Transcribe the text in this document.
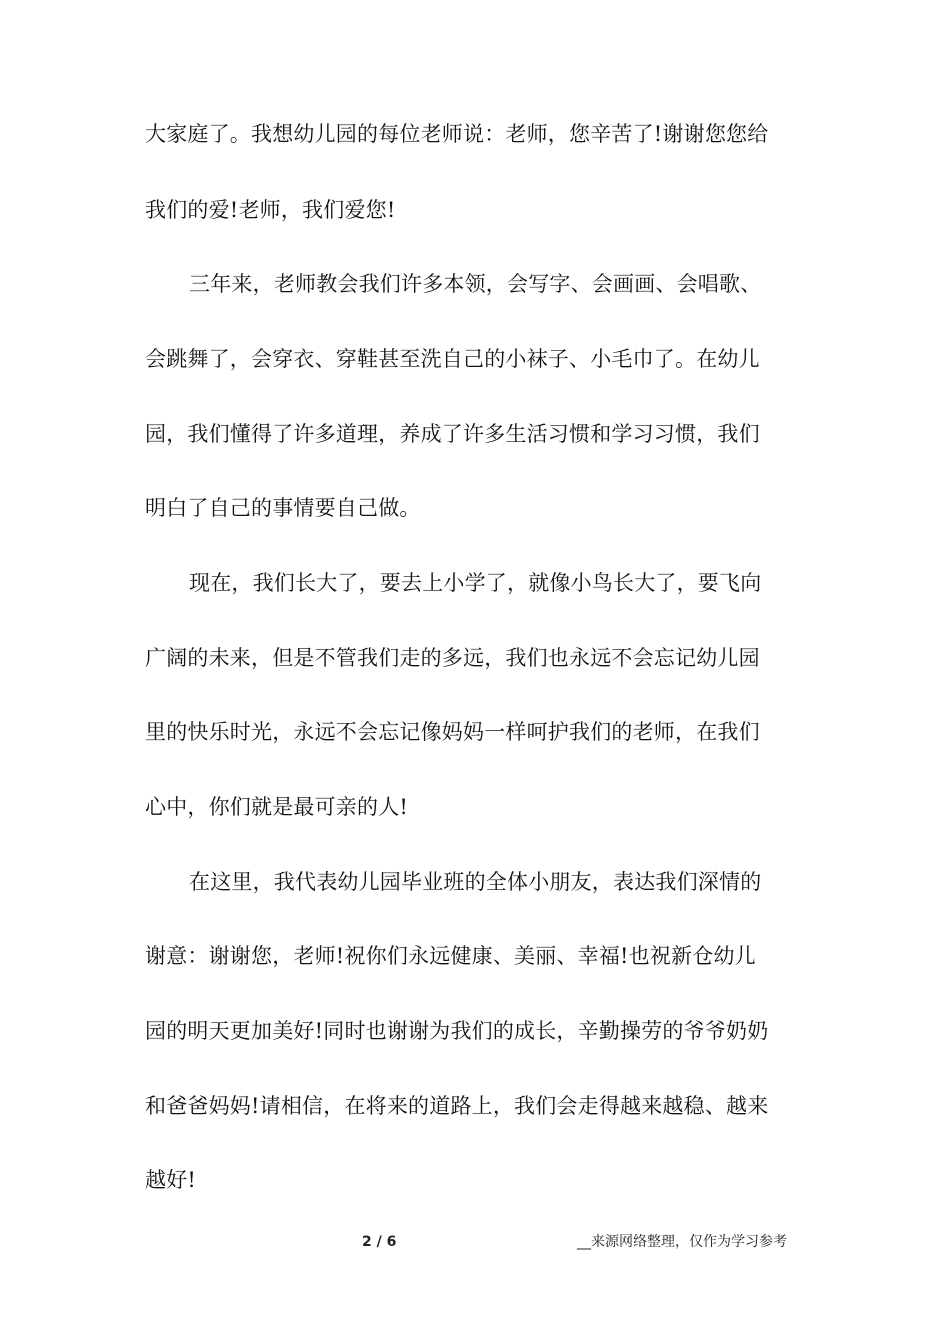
大家庭了。我想幼儿园的每位老师说：老师，您辛苦了!谢谢您您给
我们的爱!老师，我们爱您!
三年来，老师教会我们许多本领，会写字、会画画、会唱歌、
会跳舞了，会穿衣、穿鞋甚至洗自己的小袜子、小毛巾了。在幼儿
园，我们懂得了许多道理，养成了许多生活习惯和学习习惯，我们
明白了自己的事情要自己做。
现在，我们长大了，要去上小学了，就像小鸟长大了，要飞向
广阔的未来，但是不管我们走的多远，我们也永远不会忘记幼儿园
里的快乐时光，永远不会忘记像妈妈一样呵护我们的老师，在我们
心中，你们就是最可亲的人!
在这里，我代表幼儿园毕业班的全体小朋友，表达我们深情的
谢意：谢谢您，老师!祝你们永远健康、美丽、幸福!也祝新仓幼儿
园的明天更加美好!同时也谢谢为我们的成长，辛勤操劳的爷爷奶奶
和爸爸妈妈!请相信，在将来的道路上，我们会走得越来越稳、越来
越好!
2 / 6	__来源网络整理，仅作为学习参考
